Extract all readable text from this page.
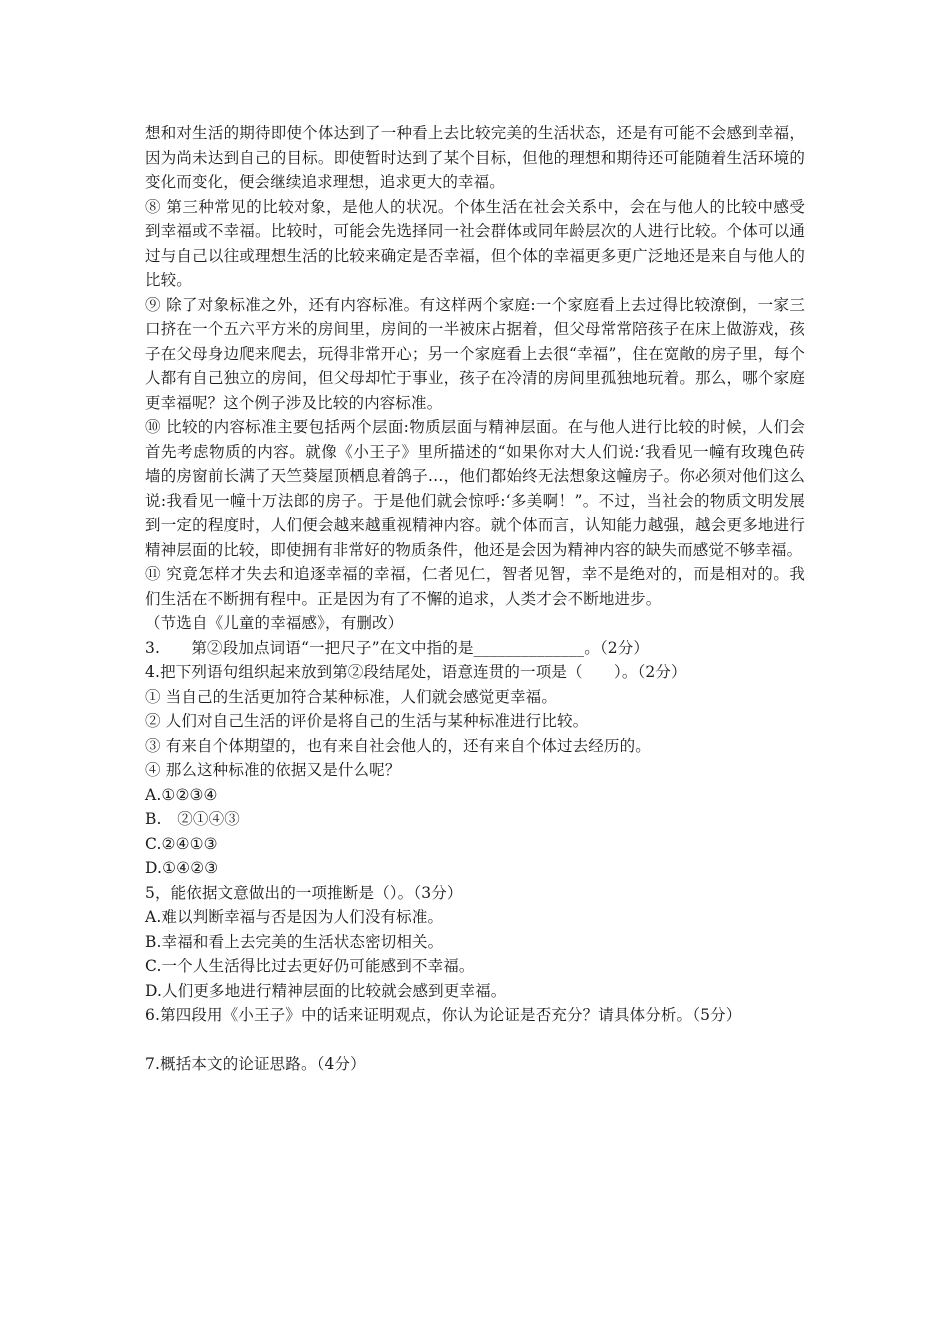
想和对生活的期待即使个体达到了一种看上去比较完美的生活状态，还是有可能不会感到幸福，因为尚未达到自己的目标。即使暂时达到了某个目标，但他的理想和期待还可能随着生活环境的变化而变化，便会继续追求理想，追求更大的幸福。

⑧ 第三种常见的比较对象，是他人的状况。个体生活在社会关系中，会在与他人的比较中感受到幸福或不幸福。比较时，可能会先选择同一社会群体或同年龄层次的人进行比较。个体可以通过与自己以往或理想生活的比较来确定是否幸福，但个体的幸福更多更广泛地还是来自与他人的比较。

⑨ 除了对象标准之外，还有内容标准。有这样两个家庭:一个家庭看上去过得比较潦倒，一家三口挤在一个五六平方米的房间里，房间的一半被床占据着，但父母常常陪孩子在床上做游戏，孩子在父母身边爬来爬去，玩得非常开心；另一个家庭看上去很“幸福”，住在宽敞的房子里，每个人都有自己独立的房间，但父母却忙于事业，孩子在冷清的房间里孤独地玩着。那么，哪个家庭更幸福呢？这个例子涉及比较的内容标准。

⑩ 比较的内容标准主要包括两个层面:物质层面与精神层面。在与他人进行比较的时候，人们会首先考虑物质的内容。就像《小王子》里所描述的“如果你对大人们说:‘我看见一幢有玫瑰色砖墙的房窗前长满了天竺葵屋顶栖息着鸽子…，他们都始终无法想象这幢房子。你必须对他们这么说:我看见一幢十万法郎的房子。于是他们就会惊呼:‘多美啊！”。不过，当社会的物质文明发展到一定的程度时，人们便会越来越重视精神内容。就个体而言，认知能力越强，越会更多地进行精神层面的比较，即使拥有非常好的物质条件，他还是会因为精神内容的缺失而感觉不够幸福。

⑪ 究竟怎样才失去和追逐幸福的幸福，仁者见仁，智者见智，幸不是绝对的，而是相对的。我们生活在不断拥有程中。正是因为有了不懈的追求，人类才会不断地进步。

（节选自《儿童的幸福感》，有删改）

3.　　第②段加点词语“一把尺子”在文中指的是______________。（2分）

4.把下列语句组织起来放到第②段结尾处，语意连贯的一项是（　　）。（2分）

① 当自己的生活更加符合某种标准，人们就会感觉更幸福。

② 人们对自己生活的评价是将自己的生活与某种标准进行比较。

③ 有来自个体期望的，也有来自社会他人的，还有来自个体过去经历的。

④ 那么这种标准的依据又是什么呢？

A.①②③④

B.　②①④③

C.②④①③

D.①④②③

5，能依据文意做出的一项推断是（）。（3分）

A.难以判断幸福与否是因为人们没有标准。

B.幸福和看上去完美的生活状态密切相关。

C.一个人生活得比过去更好仍可能感到不幸福。

D.人们更多地进行精神层面的比较就会感到更幸福。

6.第四段用《小王子》中的话来证明观点，你认为论证是否充分？请具体分析。（5分）

7.概括本文的论证思路。（4分）
